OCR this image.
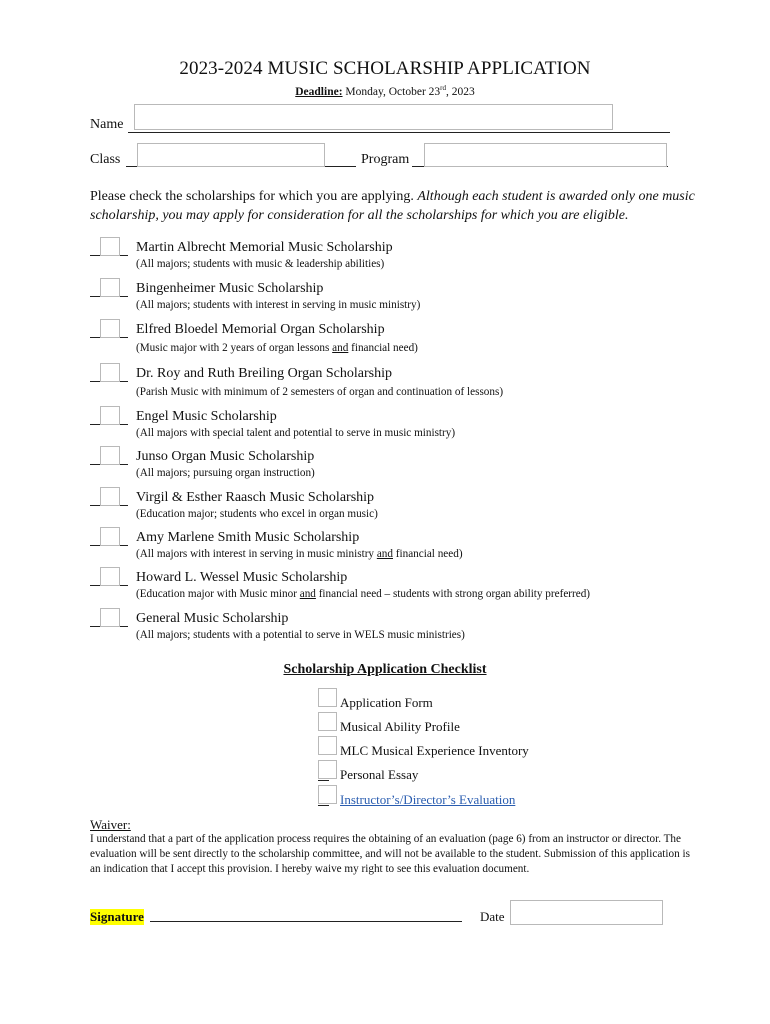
2023-2024 MUSIC SCHOLARSHIP APPLICATION
Deadline: Monday, October 23rd, 2023
Name
Class	Program
Please check the scholarships for which you are applying. Although each student is awarded only one music scholarship, you may apply for consideration for all the scholarships for which you are eligible.
Martin Albrecht Memorial Music Scholarship
(All majors; students with music & leadership abilities)
Bingenheimer Music Scholarship
(All majors; students with interest in serving in music ministry)
Elfred Bloedel Memorial Organ Scholarship
(Music major with 2 years of organ lessons and financial need)
Dr. Roy and Ruth Breiling Organ Scholarship
(Parish Music with minimum of 2 semesters of organ and continuation of lessons)
Engel Music Scholarship
(All majors with special talent and potential to serve in music ministry)
Junso Organ Music Scholarship
(All majors; pursuing organ instruction)
Virgil & Esther Raasch Music Scholarship
(Education major; students who excel in organ music)
Amy Marlene Smith Music Scholarship
(All majors with interest in serving in music ministry and financial need)
Howard L. Wessel Music Scholarship
(Education major with Music minor and financial need – students with strong organ ability preferred)
General Music Scholarship
(All majors; students with a potential to serve in WELS music ministries)
Scholarship Application Checklist
Application Form
Musical Ability Profile
MLC Musical Experience Inventory
Personal Essay
Instructor’s/Director’s Evaluation
Waiver:
I understand that a part of the application process requires the obtaining of an evaluation (page 6) from an instructor or director. The evaluation will be sent directly to the scholarship committee, and will not be available to the student. Submission of this application is an indication that I accept this provision. I hereby waive my right to see this evaluation document.
Signature	Date
